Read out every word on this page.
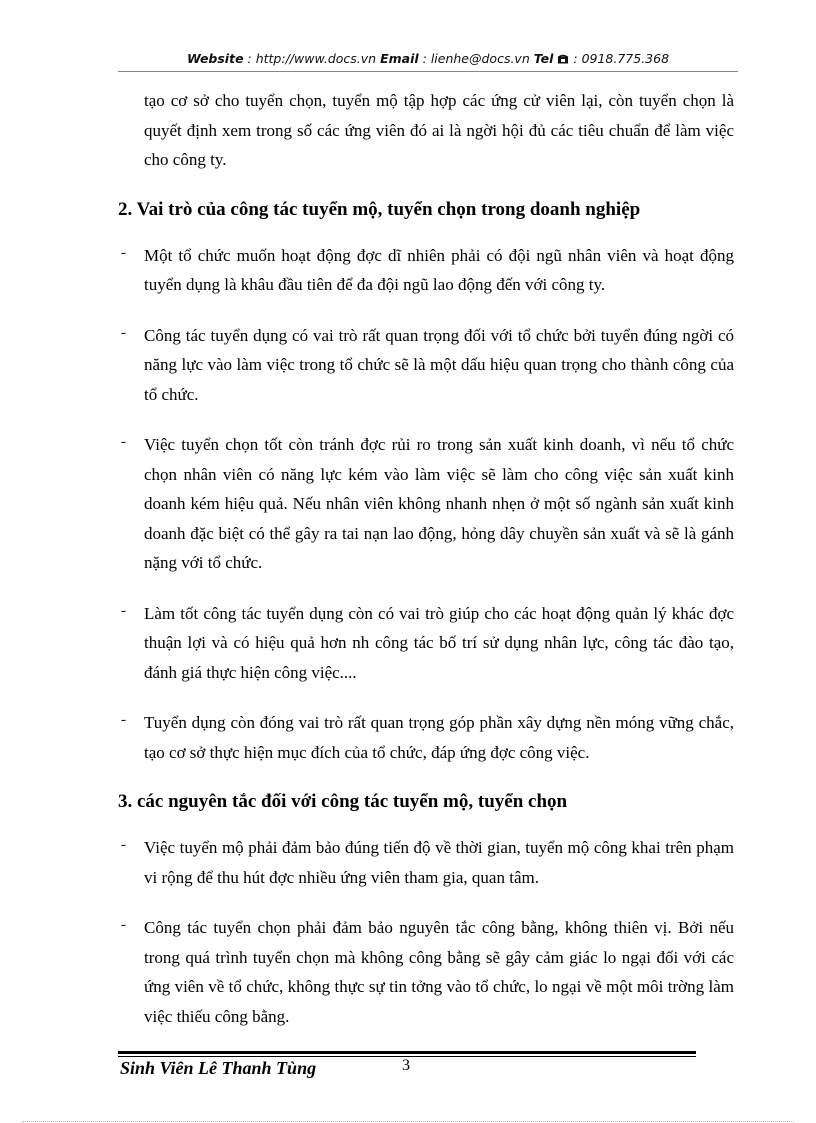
Website : http://www.docs.vn Email : lienhe@docs.vn Tel  : 0918.775.368

tạo cơ sở cho tuyển chọn, tuyển mộ tập hợp các ứng cử viên lại, còn tuyển chọn là quyết định xem trong số các ứng viên đó ai là ngời hội đủ các tiêu chuẩn để làm việc cho công ty.

2. Vai trò của công tác tuyển mộ, tuyển chọn trong doanh nghiệp
- Một tổ chức muốn hoạt động đợc dĩ nhiên phải có đội ngũ nhân viên và hoạt động tuyển dụng là khâu đầu tiên để đa đội ngũ lao động đến với công ty.

- Công tác tuyển dụng có vai trò rất quan trọng đối với tổ chức bởi tuyển đúng ngời có năng lực vào làm việc trong tổ chức sẽ là một dấu hiệu quan trọng cho thành công của tổ chức.

- Việc tuyển chọn tốt còn tránh đợc rủi ro trong sản xuất kinh doanh, vì nếu tổ chức chọn nhân viên có năng lực kém vào làm việc sẽ làm cho công việc sản xuất kinh doanh kém hiệu quả. Nếu nhân viên không nhanh nhẹn ở một số ngành sản xuất kinh doanh đặc biệt có thể gây ra tai nạn lao động, hỏng dây chuyền sản xuất và sẽ là gánh nặng với tổ chức.

- Làm tốt công tác tuyển dụng còn có vai trò giúp cho các hoạt động quản lý khác đợc thuận lợi và có hiệu quả hơn nh công tác bố trí sử dụng nhân lực, công tác đào tạo, đánh giá thực hiện công việc....

- Tuyển dụng còn đóng vai trò rất quan trọng góp phần xây dựng nền móng vững chắc, tạo cơ sở thực hiện mục đích của tổ chức, đáp ứng đợc công việc.

3. các nguyên tắc đối với công tác tuyển mộ, tuyển chọn
- Việc tuyển mộ phải đảm bảo đúng tiến độ về thời gian, tuyển mộ công khai trên phạm vi rộng để thu hút đợc nhiều ứng viên tham gia, quan tâm.

- Công tác tuyển chọn phải đảm bảo nguyên tắc công bằng, không thiên vị. Bởi nếu trong quá trình tuyển chọn mà không công bằng sẽ gây cảm giác lo ngại đối với các ứng viên về tổ chức, không thực sự tin tởng vào tổ chức, lo ngại về một môi trờng làm việc thiếu công bằng.

Sinh Viên Lê Thanh Tùng	3
